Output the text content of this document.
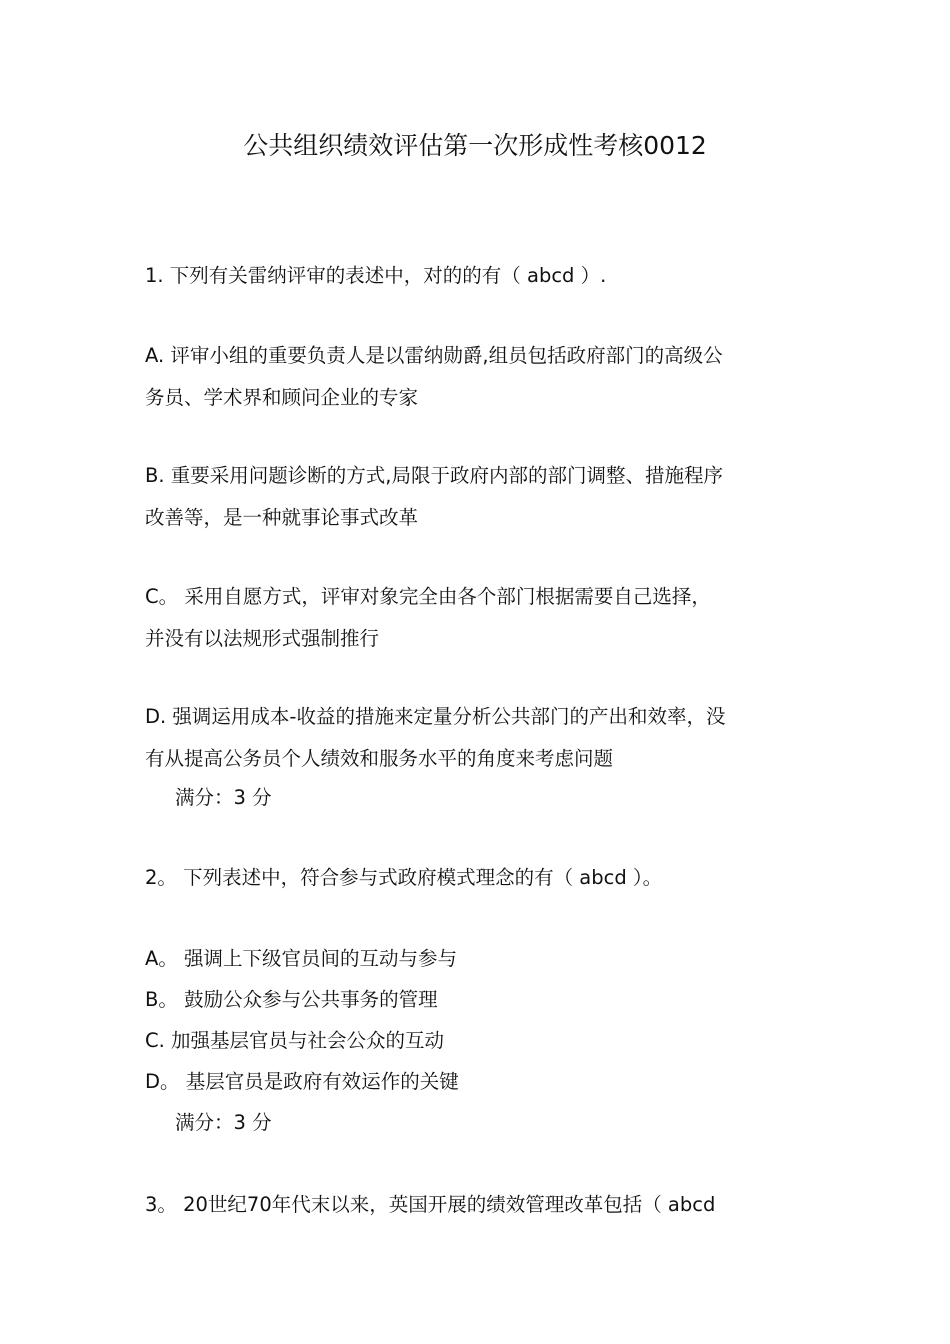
公共组织绩效评估第一次形成性考核0012
1. 下列有关雷纳评审的表述中，对的的有（ abcd ）.
A. 评审小组的重要负责人是以雷纳勋爵,组员包括政府部门的高级公
务员、学术界和顾问企业的专家
B. 重要采用问题诊断的方式,局限于政府内部的部门调整、措施程序
改善等，是一种就事论事式改革
C。 采用自愿方式，评审对象完全由各个部门根据需要自己选择，
并没有以法规形式强制推行
D. 强调运用成本-收益的措施来定量分析公共部门的产出和效率，没
有从提高公务员个人绩效和服务水平的角度来考虑问题
满分：3 分
2。 下列表述中，符合参与式政府模式理念的有（ abcd ）。
A。 强调上下级官员间的互动与参与
B。 鼓励公众参与公共事务的管理
C. 加强基层官员与社会公众的互动
D。 基层官员是政府有效运作的关键
满分：3 分
3。 20世纪70年代末以来，英国开展的绩效管理改革包括（ abcd
